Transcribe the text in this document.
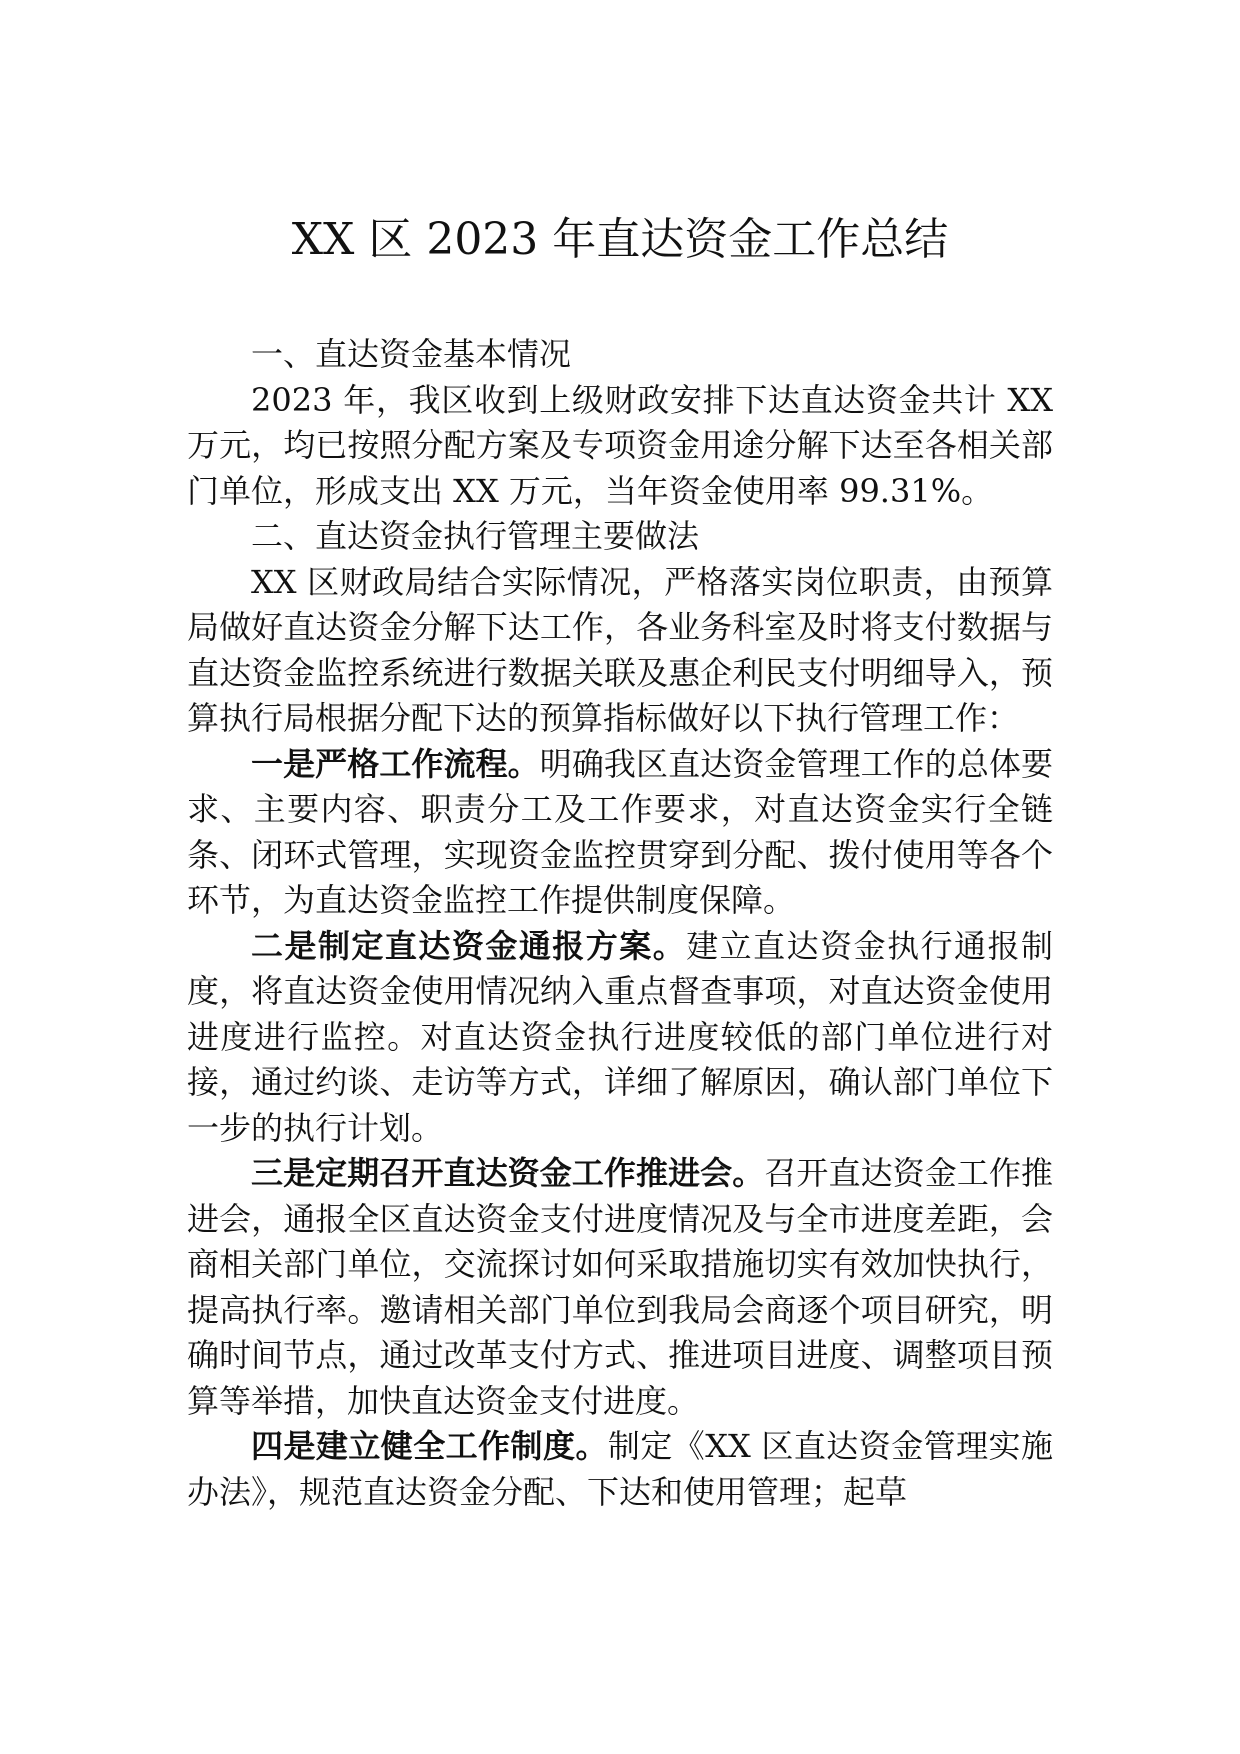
XX 区 2023 年直达资金工作总结

一、直达资金基本情况

2023 年，我区收到上级财政安排下达直达资金共计 XX 万元，均已按照分配方案及专项资金用途分解下达至各相关部门单位，形成支出 XX 万元，当年资金使用率 99.31%。

二、直达资金执行管理主要做法

XX 区财政局结合实际情况，严格落实岗位职责，由预算局做好直达资金分解下达工作，各业务科室及时将支付数据与直达资金监控系统进行数据关联及惠企利民支付明细导入，预算执行局根据分配下达的预算指标做好以下执行管理工作：

一是严格工作流程。明确我区直达资金管理工作的总体要求、主要内容、职责分工及工作要求，对直达资金实行全链条、闭环式管理，实现资金监控贯穿到分配、拨付使用等各个环节，为直达资金监控工作提供制度保障。

二是制定直达资金通报方案。建立直达资金执行通报制度，将直达资金使用情况纳入重点督查事项，对直达资金使用进度进行监控。对直达资金执行进度较低的部门单位进行对接，通过约谈、走访等方式，详细了解原因，确认部门单位下一步的执行计划。

三是定期召开直达资金工作推进会。召开直达资金工作推进会，通报全区直达资金支付进度情况及与全市进度差距，会商相关部门单位，交流探讨如何采取措施切实有效加快执行，提高执行率。邀请相关部门单位到我局会商逐个项目研究，明确时间节点，通过改革支付方式、推进项目进度、调整项目预算等举措，加快直达资金支付进度。

四是建立健全工作制度。制定《XX 区直达资金管理实施办法》，规范直达资金分配、下达和使用管理；起草
